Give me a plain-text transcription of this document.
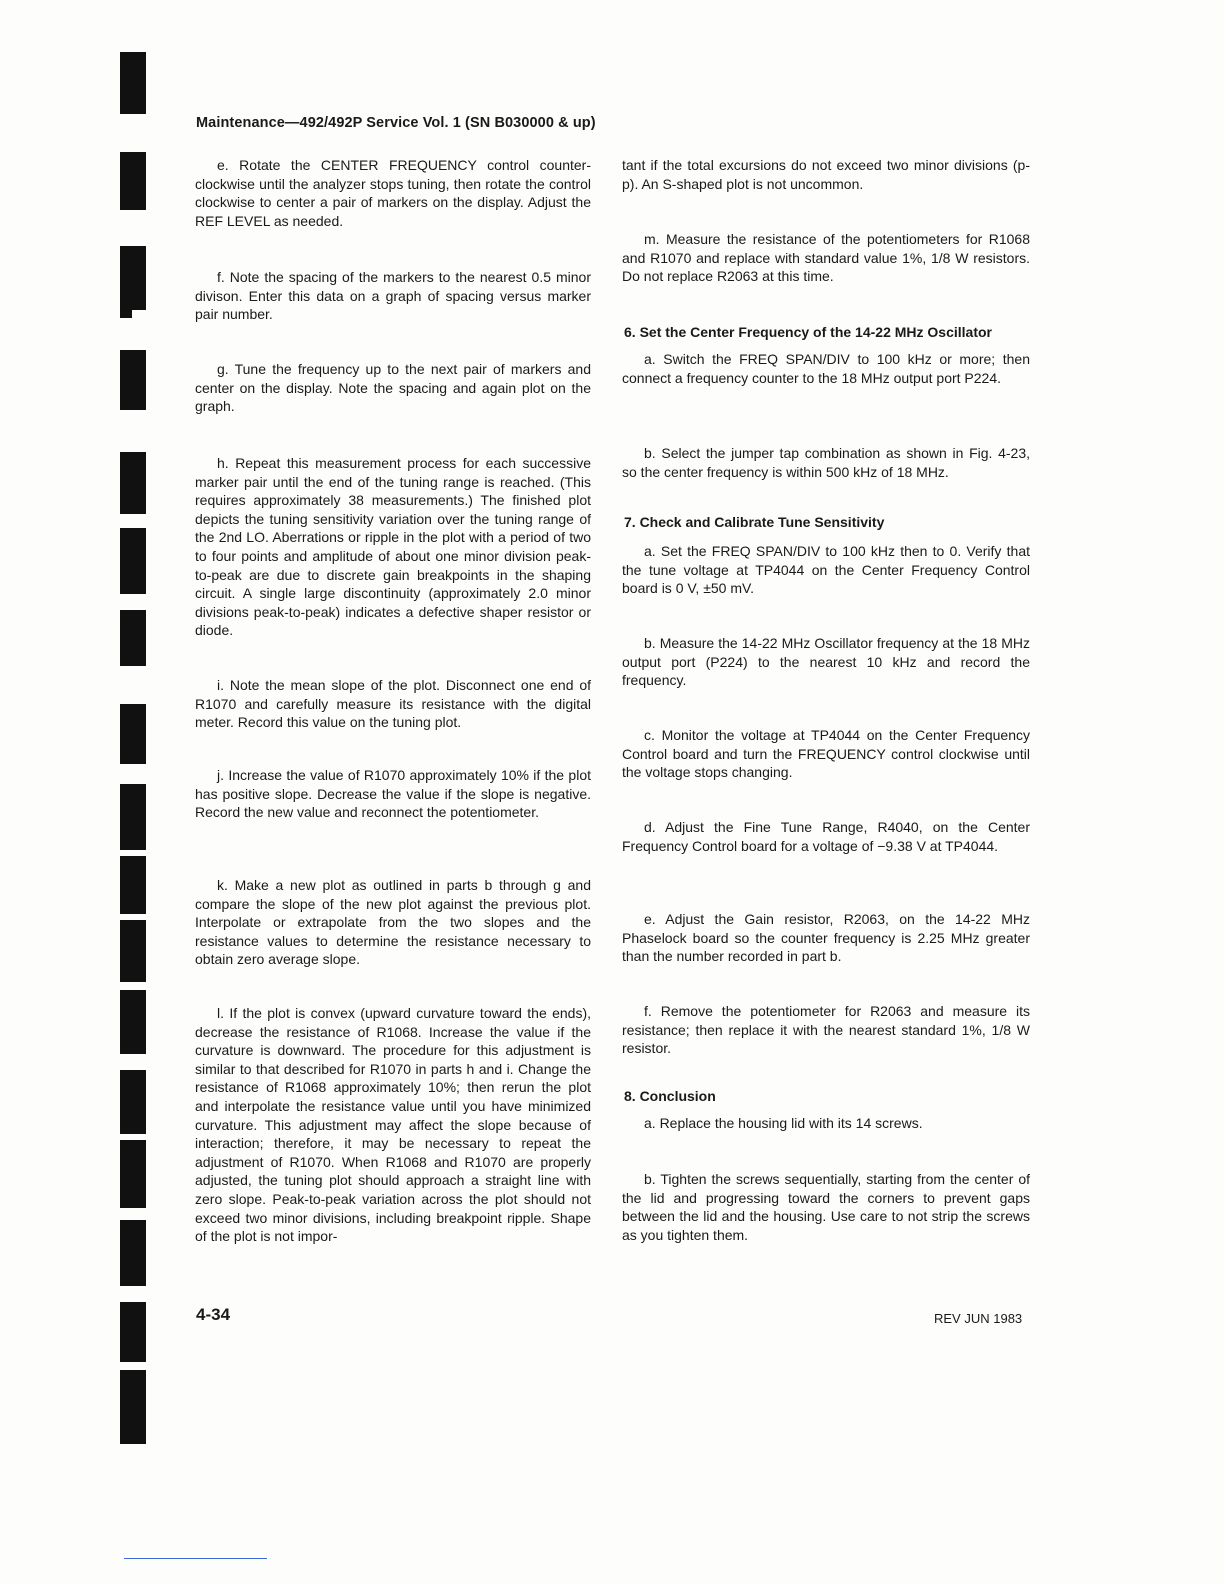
Maintenance—492/492P Service Vol. 1 (SN B030000 & up)

e. Rotate the CENTER FREQUENCY control counter-clockwise until the analyzer stops tuning, then rotate the control clockwise to center a pair of markers on the display. Adjust the REF LEVEL as needed.

f. Note the spacing of the markers to the nearest 0.5 minor divison. Enter this data on a graph of spacing versus marker pair number.

g. Tune the frequency up to the next pair of markers and center on the display. Note the spacing and again plot on the graph.

h. Repeat this measurement process for each successive marker pair until the end of the tuning range is reached. (This requires approximately 38 measurements.) The finished plot depicts the tuning sensitivity variation over the tuning range of the 2nd LO. Aberrations or ripple in the plot with a period of two to four points and amplitude of about one minor division peak-to-peak are due to discrete gain breakpoints in the shaping circuit. A single large discontinuity (approximately 2.0 minor divisions peak-to-peak) indicates a defective shaper resistor or diode.

i. Note the mean slope of the plot. Disconnect one end of R1070 and carefully measure its resistance with the digital meter. Record this value on the tuning plot.

j. Increase the value of R1070 approximately 10% if the plot has positive slope. Decrease the value if the slope is negative. Record the new value and reconnect the potentiometer.

k. Make a new plot as outlined in parts b through g and compare the slope of the new plot against the previous plot. Interpolate or extrapolate from the two slopes and the resistance values to determine the resistance necessary to obtain zero average slope.

l. If the plot is convex (upward curvature toward the ends), decrease the resistance of R1068. Increase the value if the curvature is downward. The procedure for this adjustment is similar to that described for R1070 in parts h and i. Change the resistance of R1068 approximately 10%; then rerun the plot and interpolate the resistance value until you have minimized curvature. This adjustment may affect the slope because of interaction; therefore, it may be necessary to repeat the adjustment of R1070. When R1068 and R1070 are properly adjusted, the tuning plot should approach a straight line with zero slope. Peak-to-peak variation across the plot should not exceed two minor divisions, including breakpoint ripple. Shape of the plot is not impor-

tant if the total excursions do not exceed two minor divisions (p-p). An S-shaped plot is not uncommon.

m. Measure the resistance of the potentiometers for R1068 and R1070 and replace with standard value 1%, 1/8 W resistors. Do not replace R2063 at this time.

6. Set the Center Frequency of the 14-22 MHz Oscillator

a. Switch the FREQ SPAN/DIV to 100 kHz or more; then connect a frequency counter to the 18 MHz output port P224.

b. Select the jumper tap combination as shown in Fig. 4-23, so the center frequency is within 500 kHz of 18 MHz.

7. Check and Calibrate Tune Sensitivity

a. Set the FREQ SPAN/DIV to 100 kHz then to 0. Verify that the tune voltage at TP4044 on the Center Frequency Control board is 0 V, ±50 mV.

b. Measure the 14-22 MHz Oscillator frequency at the 18 MHz output port (P224) to the nearest 10 kHz and record the frequency.

c. Monitor the voltage at TP4044 on the Center Frequency Control board and turn the FREQUENCY control clockwise until the voltage stops changing.

d. Adjust the Fine Tune Range, R4040, on the Center Frequency Control board for a voltage of −9.38 V at TP4044.

e. Adjust the Gain resistor, R2063, on the 14-22 MHz Phaselock board so the counter frequency is 2.25 MHz greater than the number recorded in part b.

f. Remove the potentiometer for R2063 and measure its resistance; then replace it with the nearest standard 1%, 1/8 W resistor.

8. Conclusion

a. Replace the housing lid with its 14 screws.

b. Tighten the screws sequentially, starting from the center of the lid and progressing toward the corners to prevent gaps between the lid and the housing. Use care to not strip the screws as you tighten them.

4-34	REV JUN 1983
